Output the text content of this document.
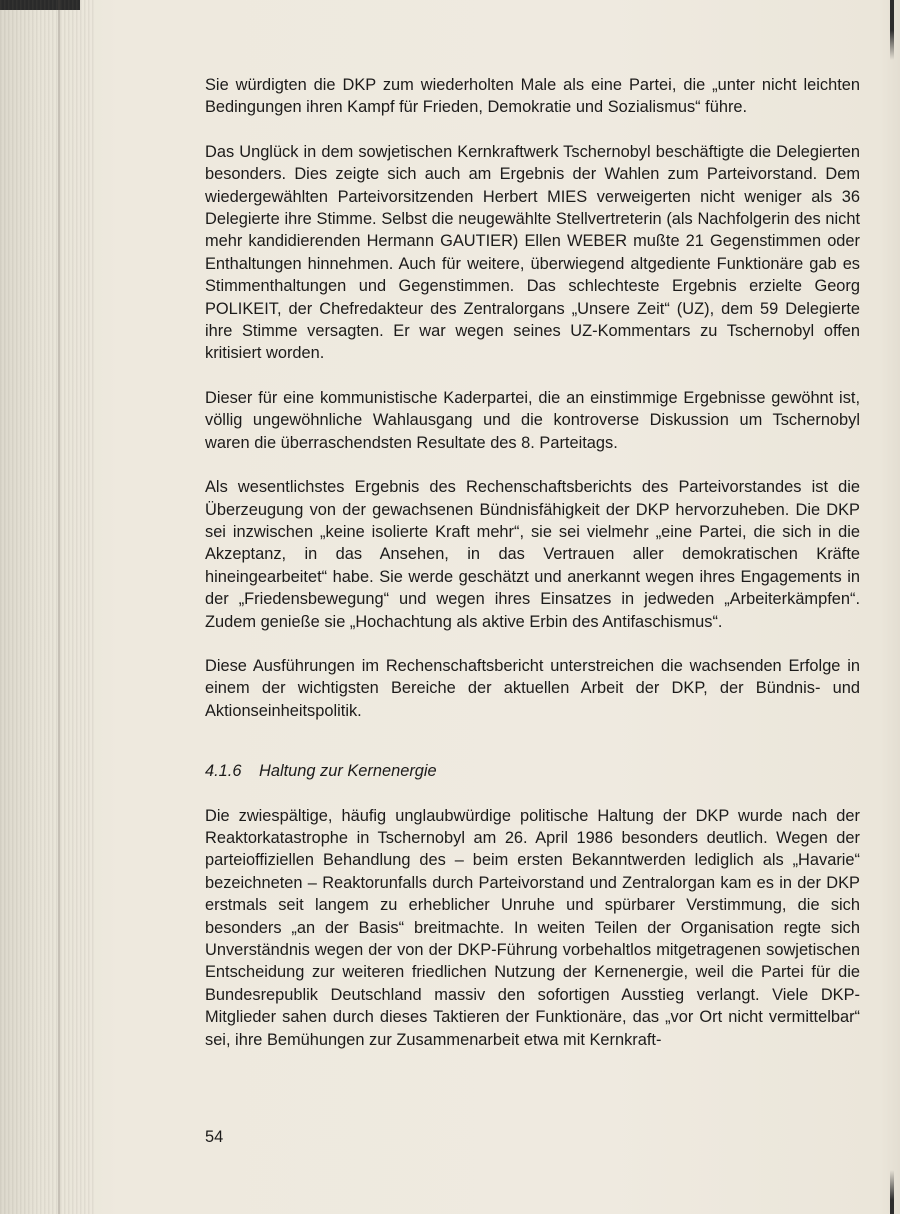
Sie würdigten die DKP zum wiederholten Male als eine Partei, die „unter nicht leichten Bedingungen ihren Kampf für Frieden, Demokratie und Sozialismus“ führe.

Das Unglück in dem sowjetischen Kernkraftwerk Tschernobyl beschäftigte die Delegierten besonders. Dies zeigte sich auch am Ergebnis der Wahlen zum Parteivorstand. Dem wiedergewählten Parteivorsitzenden Herbert MIES verweigerten nicht weniger als 36 Delegierte ihre Stimme. Selbst die neugewählte Stellvertreterin (als Nachfolgerin des nicht mehr kandidierenden Hermann GAUTIER) Ellen WEBER mußte 21 Gegenstimmen oder Enthaltungen hinnehmen. Auch für weitere, überwiegend altgediente Funktionäre gab es Stimmenthaltungen und Gegenstimmen. Das schlechteste Ergebnis erzielte Georg POLIKEIT, der Chefredakteur des Zentralorgans „Unsere Zeit“ (UZ), dem 59 Delegierte ihre Stimme versagten. Er war wegen seines UZ-Kommentars zu Tschernobyl offen kritisiert worden.

Dieser für eine kommunistische Kaderpartei, die an einstimmige Ergebnisse gewöhnt ist, völlig ungewöhnliche Wahlausgang und die kontroverse Diskussion um Tschernobyl waren die überraschendsten Resultate des 8. Parteitags.

Als wesentlichstes Ergebnis des Rechenschaftsberichts des Parteivorstandes ist die Überzeugung von der gewachsenen Bündnisfähigkeit der DKP hervorzuheben. Die DKP sei inzwischen „keine isolierte Kraft mehr“, sie sei vielmehr „eine Partei, die sich in die Akzeptanz, in das Ansehen, in das Vertrauen aller demokratischen Kräfte hineingearbeitet“ habe. Sie werde geschätzt und anerkannt wegen ihres Engagements in der „Friedensbewegung“ und wegen ihres Einsatzes in jedweden „Arbeiterkämpfen“. Zudem genieße sie „Hochachtung als aktive Erbin des Antifaschismus“.

Diese Ausführungen im Rechenschaftsbericht unterstreichen die wachsenden Erfolge in einem der wichtigsten Bereiche der aktuellen Arbeit der DKP, der Bündnis- und Aktionseinheitspolitik.

4.1.6 Haltung zur Kernenergie

Die zwiespältige, häufig unglaubwürdige politische Haltung der DKP wurde nach der Reaktorkatastrophe in Tschernobyl am 26. April 1986 besonders deutlich. Wegen der parteioffiziellen Behandlung des – beim ersten Bekanntwerden lediglich als „Havarie“ bezeichneten – Reaktorunfalls durch Parteivorstand und Zentralorgan kam es in der DKP erstmals seit langem zu erheblicher Unruhe und spürbarer Verstimmung, die sich besonders „an der Basis“ breitmachte. In weiten Teilen der Organisation regte sich Unverständnis wegen der von der DKP-Führung vorbehaltlos mitgetragenen sowjetischen Entscheidung zur weiteren friedlichen Nutzung der Kernenergie, weil die Partei für die Bundesrepublik Deutschland massiv den sofortigen Ausstieg verlangt. Viele DKP-Mitglieder sahen durch dieses Taktieren der Funktionäre, das „vor Ort nicht vermittelbar“ sei, ihre Bemühungen zur Zusammenarbeit etwa mit Kernkraft-

54
